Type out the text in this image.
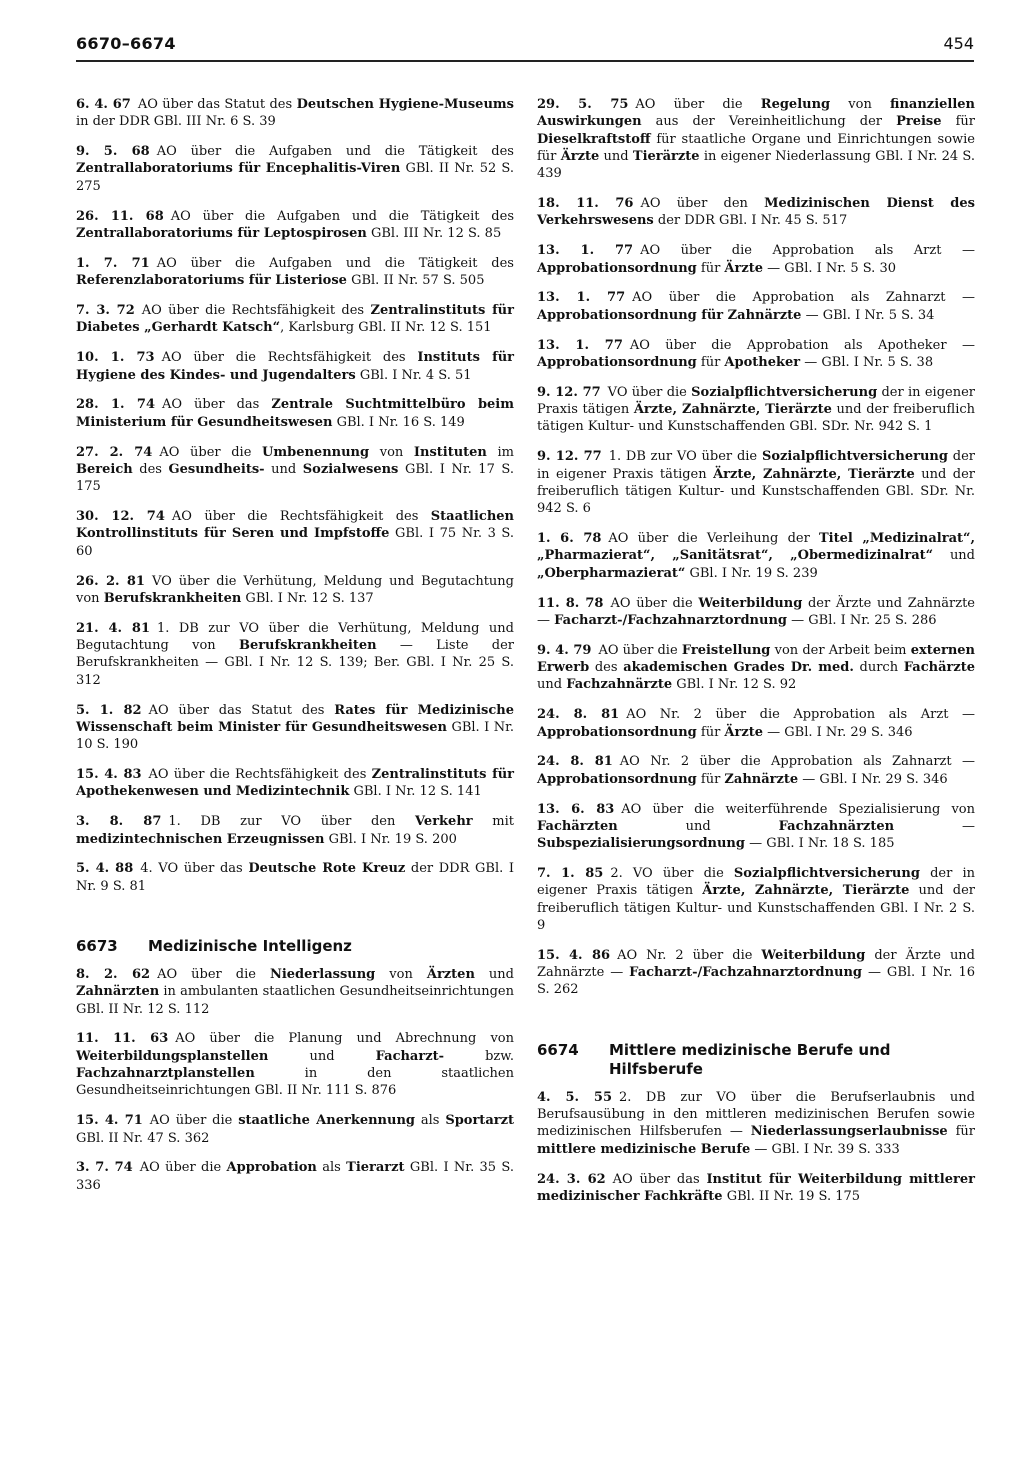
6670–6674	454
6. 4. 67 AO über das Statut des Deutschen Hygiene-Museums in der DDR GBl. III Nr. 6 S. 39
9. 5. 68 AO über die Aufgaben und die Tätigkeit des Zentrallaboratoriums für Encephalitis-Viren GBl. II Nr. 52 S. 275
26. 11. 68 AO über die Aufgaben und die Tätigkeit des Zentrallaboratoriums für Leptospirosen GBl. III Nr. 12 S. 85
1. 7. 71 AO über die Aufgaben und die Tätigkeit des Referenzlaboratoriums für Listeriose GBl. II Nr. 57 S. 505
7. 3. 72 AO über die Rechtsfähigkeit des Zentralinstituts für Diabetes „Gerhardt Katsch“, Karlsburg GBl. II Nr. 12 S. 151
10. 1. 73 AO über die Rechtsfähigkeit des Instituts für Hygiene des Kindes- und Jugendalters GBl. I Nr. 4 S. 51
28. 1. 74 AO über das Zentrale Suchtmittelbüro beim Ministerium für Gesundheitswesen GBl. I Nr. 16 S. 149
27. 2. 74 AO über die Umbenennung von Instituten im Bereich des Gesundheits- und Sozialwesens GBl. I Nr. 17 S. 175
30. 12. 74 AO über die Rechtsfähigkeit des Staatlichen Kontrollinstituts für Seren und Impfstoffe GBl. I 75 Nr. 3 S. 60
26. 2. 81 VO über die Verhütung, Meldung und Begutachtung von Berufskrankheiten GBl. I Nr. 12 S. 137
21. 4. 81 1. DB zur VO über die Verhütung, Meldung und Begutachtung von Berufskrankheiten — Liste der Berufskrankheiten — GBl. I Nr. 12 S. 139; Ber. GBl. I Nr. 25 S. 312
5. 1. 82 AO über das Statut des Rates für Medizinische Wissenschaft beim Minister für Gesundheitswesen GBl. I Nr. 10 S. 190
15. 4. 83 AO über die Rechtsfähigkeit des Zentralinstituts für Apothekenwesen und Medizintechnik GBl. I Nr. 12 S. 141
3. 8. 87 1. DB zur VO über den Verkehr mit medizintechnischen Erzeugnissen GBl. I Nr. 19 S. 200
5. 4. 88 4. VO über das Deutsche Rote Kreuz der DDR GBl. I Nr. 9 S. 81
6673	Medizinische Intelligenz
8. 2. 62 AO über die Niederlassung von Ärzten und Zahnärzten in ambulanten staatlichen Gesundheitseinrichtungen GBl. II Nr. 12 S. 112
11. 11. 63 AO über die Planung und Abrechnung von Weiterbildungsplanstellen und Facharzt- bzw. Fachzahnarztplanstellen in den staatlichen Gesundheitseinrichtungen GBl. II Nr. 111 S. 876
15. 4. 71 AO über die staatliche Anerkennung als Sportarzt GBl. II Nr. 47 S. 362
3. 7. 74 AO über die Approbation als Tierarzt GBl. I Nr. 35 S. 336
29. 5. 75 AO über die Regelung von finanziellen Auswirkungen aus der Vereinheitlichung der Preise für Dieselkraftstoff für staatliche Organe und Einrichtungen sowie für Ärzte und Tierärzte in eigener Niederlassung GBl. I Nr. 24 S. 439
18. 11. 76 AO über den Medizinischen Dienst des Verkehrswesens der DDR GBl. I Nr. 45 S. 517
13. 1. 77 AO über die Approbation als Arzt — Approbationsordnung für Ärzte — GBl. I Nr. 5 S. 30
13. 1. 77 AO über die Approbation als Zahnarzt — Approbationsordnung für Zahnärzte — GBl. I Nr. 5 S. 34
13. 1. 77 AO über die Approbation als Apotheker — Approbationsordnung für Apotheker — GBl. I Nr. 5 S. 38
9. 12. 77 VO über die Sozialpflichtversicherung der in eigener Praxis tätigen Ärzte, Zahnärzte, Tierärzte und der freiberuflich tätigen Kultur- und Kunstschaffenden GBl. SDr. Nr. 942 S. 1
9. 12. 77 1. DB zur VO über die Sozialpflichtversicherung der in eigener Praxis tätigen Ärzte, Zahnärzte, Tierärzte und der freiberuflich tätigen Kultur- und Kunstschaffenden GBl. SDr. Nr. 942 S. 6
1. 6. 78 AO über die Verleihung der Titel „Medizinalrat“, „Pharmazierat“, „Sanitätsrat“, „Obermedizinalrat“ und „Oberpharmazierat“ GBl. I Nr. 19 S. 239
11. 8. 78 AO über die Weiterbildung der Ärzte und Zahnärzte — Facharzt-/Fachzahnarztordnung — GBl. I Nr. 25 S. 286
9. 4. 79 AO über die Freistellung von der Arbeit beim externen Erwerb des akademischen Grades Dr. med. durch Fachärzte und Fachzahnärzte GBl. I Nr. 12 S. 92
24. 8. 81 AO Nr. 2 über die Approbation als Arzt — Approbationsordnung für Ärzte — GBl. I Nr. 29 S. 346
24. 8. 81 AO Nr. 2 über die Approbation als Zahnarzt — Approbationsordnung für Zahnärzte — GBl. I Nr. 29 S. 346
13. 6. 83 AO über die weiterführende Spezialisierung von Fachärzten und Fachzahnärzten — Subspezialisierungsordnung — GBl. I Nr. 18 S. 185
7. 1. 85 2. VO über die Sozialpflichtversicherung der in eigener Praxis tätigen Ärzte, Zahnärzte, Tierärzte und der freiberuflich tätigen Kultur- und Kunstschaffenden GBl. I Nr. 2 S. 9
15. 4. 86 AO Nr. 2 über die Weiterbildung der Ärzte und Zahnärzte — Facharzt-/Fachzahnarztordnung — GBl. I Nr. 16 S. 262
6674	Mittlere medizinische Berufe und Hilfsberufe
4. 5. 55 2. DB zur VO über die Berufserlaubnis und Berufsausübung in den mittleren medizinischen Berufen sowie medizinischen Hilfsberufen — Niederlassungserlaubnisse für mittlere medizinische Berufe — GBl. I Nr. 39 S. 333
24. 3. 62 AO über das Institut für Weiterbildung mittlerer medizinischer Fachkräfte GBl. II Nr. 19 S. 175
